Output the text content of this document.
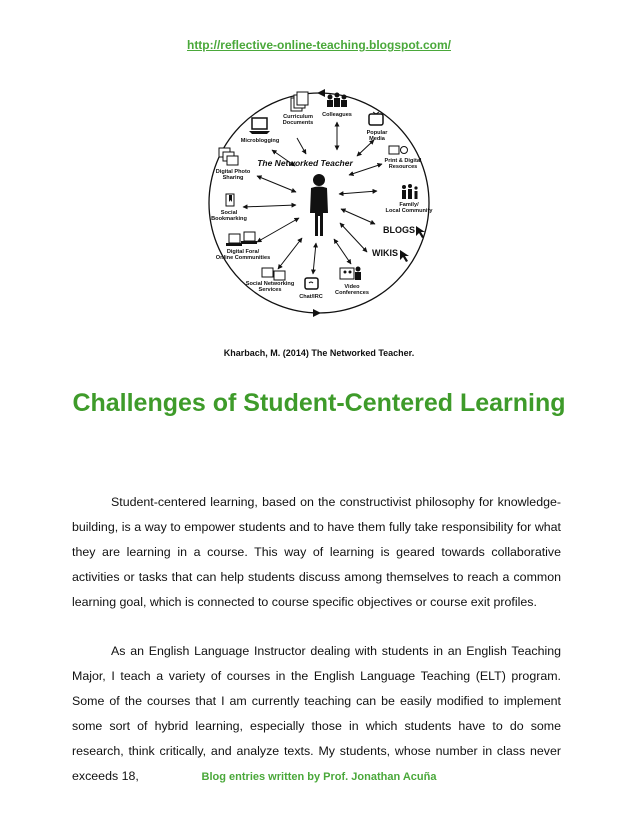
http://reflective-online-teaching.blogspot.com/
The Networked Teacher
Curriculum Documents
Colleagues
Popular Media
Print & Digital Resources
Family/ Local Community
BLOGS
WIKIS
Video Conferences
Chat/IRC
Social Networking Services
Digital Fora/ Online Communities
Social Bookmarking
Digital Photo Sharing
Microblogging
Kharbach, M. (2014) The Networked Teacher.
Challenges of Student-Centered Learning

Student-centered learning, based on the constructivist philosophy for knowledge-building, is a way to empower students and to have them fully take responsibility for what they are learning in a course. This way of learning is geared towards collaborative activities or tasks that can help students discuss among themselves to reach a common learning goal, which is connected to course specific objectives or course exit profiles.

As an English Language Instructor dealing with students in an English Teaching Major, I teach a variety of courses in the English Language Teaching (ELT) program. Some of the courses that I am currently teaching can be easily modified to implement some sort of hybrid learning, especially those in which students have to do some research, think critically, and analyze texts. My students, whose number in class never exceeds 18,	Blog entries written by Prof. Jonathan Acuña
